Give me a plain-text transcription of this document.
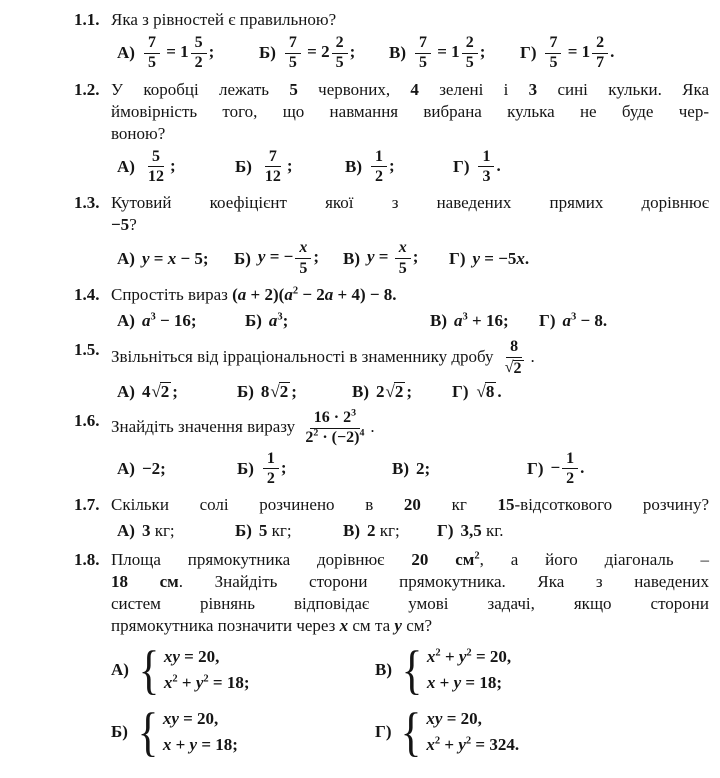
1.1. Яка з рівностей є правильною?
$А) \frac{7}{5} = 1 \frac{5}{2}$ ;	$Б) \frac{7}{5} = 2 \frac{2}{5}$ ; $В) \frac{7}{5} = 1 \frac{2}{5}$ ; $Г) \frac{7}{5} = 1 \frac{2}{7}$ .
1.2. У коробці лежать 5 червоних, 4 зелені і 3 сині кульки. Яка
ймовірність того, що навмання вибрана кулька не буде чер-
воною?
$А) \frac{5}{12}$ ;	$Б) \frac{7}{12}$ ;	$В) \frac{1}{2}$ ;	$Г) \frac{1}{3}$ .
1.3. Кутовий коефіцієнт якої з наведених прямих дорівнює
−5?
А) y = x − 5; Б) y = − $\frac{x}{5}$ ; В) $y = \frac{x}{5}$ ; Г) y = −5x.
1.4. Спростіть вираз $(a + 2)(a^2 - 2a + 4) - 8$.
А) $a^3 - 16$;	Б) $a^3$;	В) $a^3 + 16$; Г) $a^3 - 8$.
1.5. Звільніться від ірраціональності в знаменнику дробу $\frac{8}{√2}$ .
А) 4√2 ;	Б) 8√2 ;	В) 2√2 ; Г) √8 .
1.6. Знайдіть значення виразу $\frac{16 \cdot 2^3}{2^2 \cdot (-2)^4}$ .
А) −2;	$Б) \frac{1}{2}$ ;	В) 2;	$Г) - \frac{1}{2}$ .
1.7. Скільки солі розчинено в 20 кг 15-відсоткового розчину?
А) 3 кг;	Б) 5 кг;	В) 2 кг; Г) 3,5 кг.
1.8. Площа прямокутника дорівнює 20 $см^2$, а його діагональ –
18 см. Знайдіть сторони прямокутника. Яка з наведених
систем рівнянь відповідає умові задачі, якщо сторони
прямокутника позначити через x см та y см?
А) { xy = 20,
$x^2 + y^2 = 18$;
В) { $x^2 + y^2 = 20$,
x + y = 18;
Б) { xy = 20,
x + y = 18;
Г) { xy = 20,
$x^2 + y^2 = 324$.
